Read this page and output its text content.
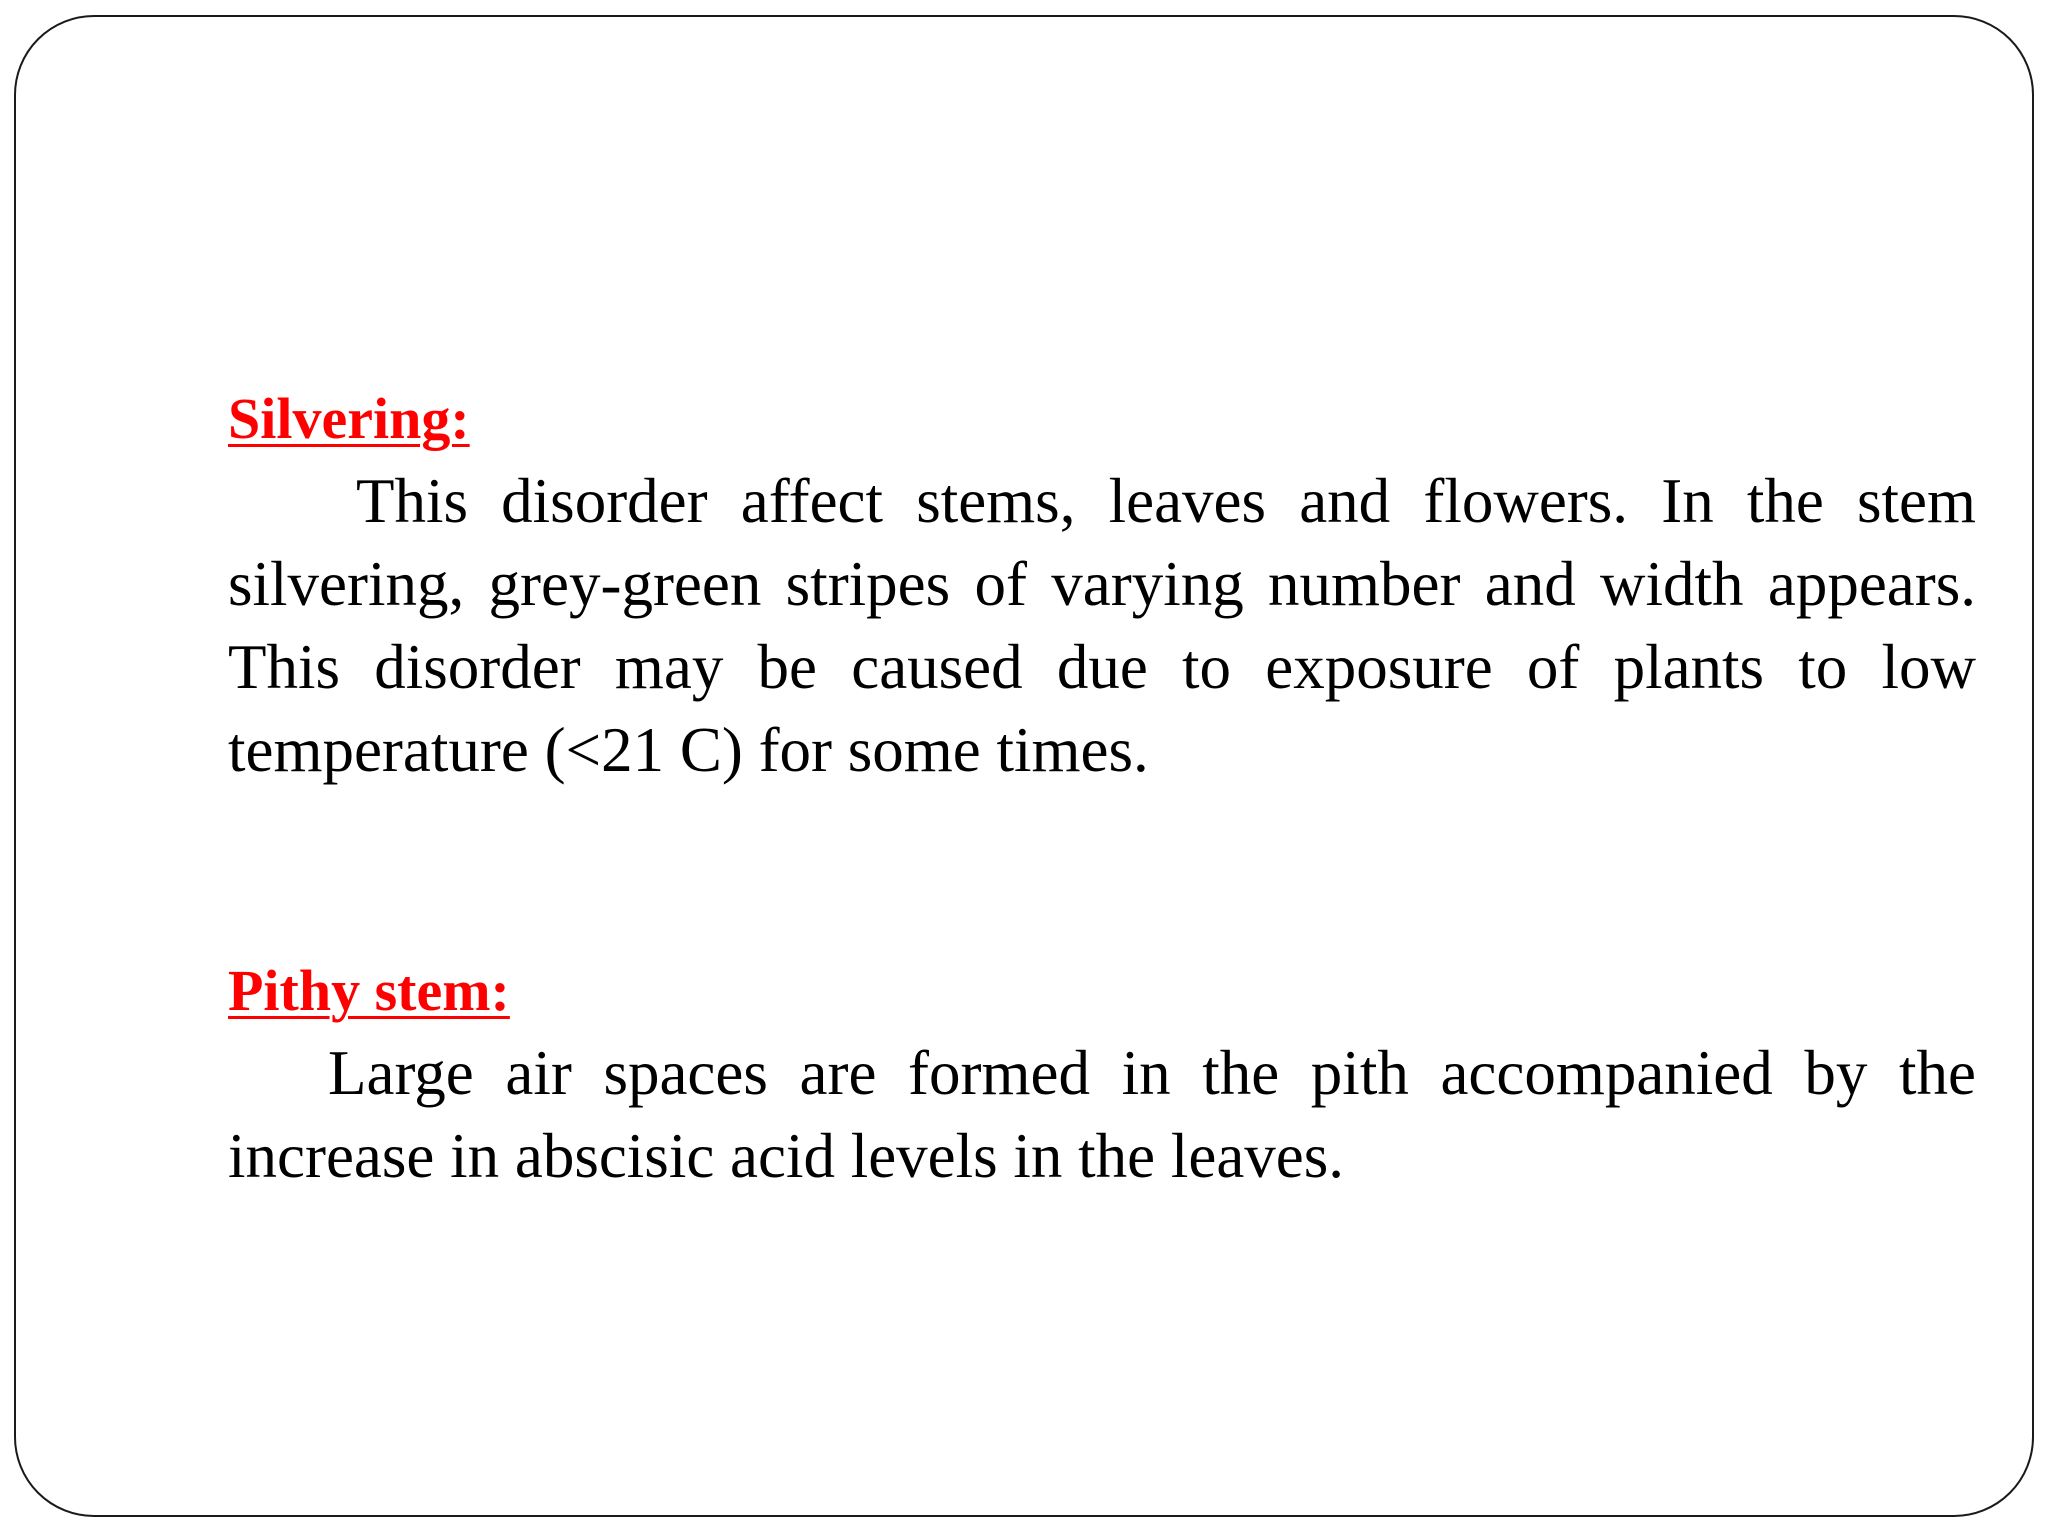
Silvering:

This disorder affect stems, leaves and flowers. In the stem silvering, grey-green stripes of varying number and width appears. This disorder may be caused due to exposure of plants to low temperature (<21 C) for some times.

Pithy stem:

Large air spaces are formed in the pith accompanied by the increase in abscisic acid levels in the leaves.
